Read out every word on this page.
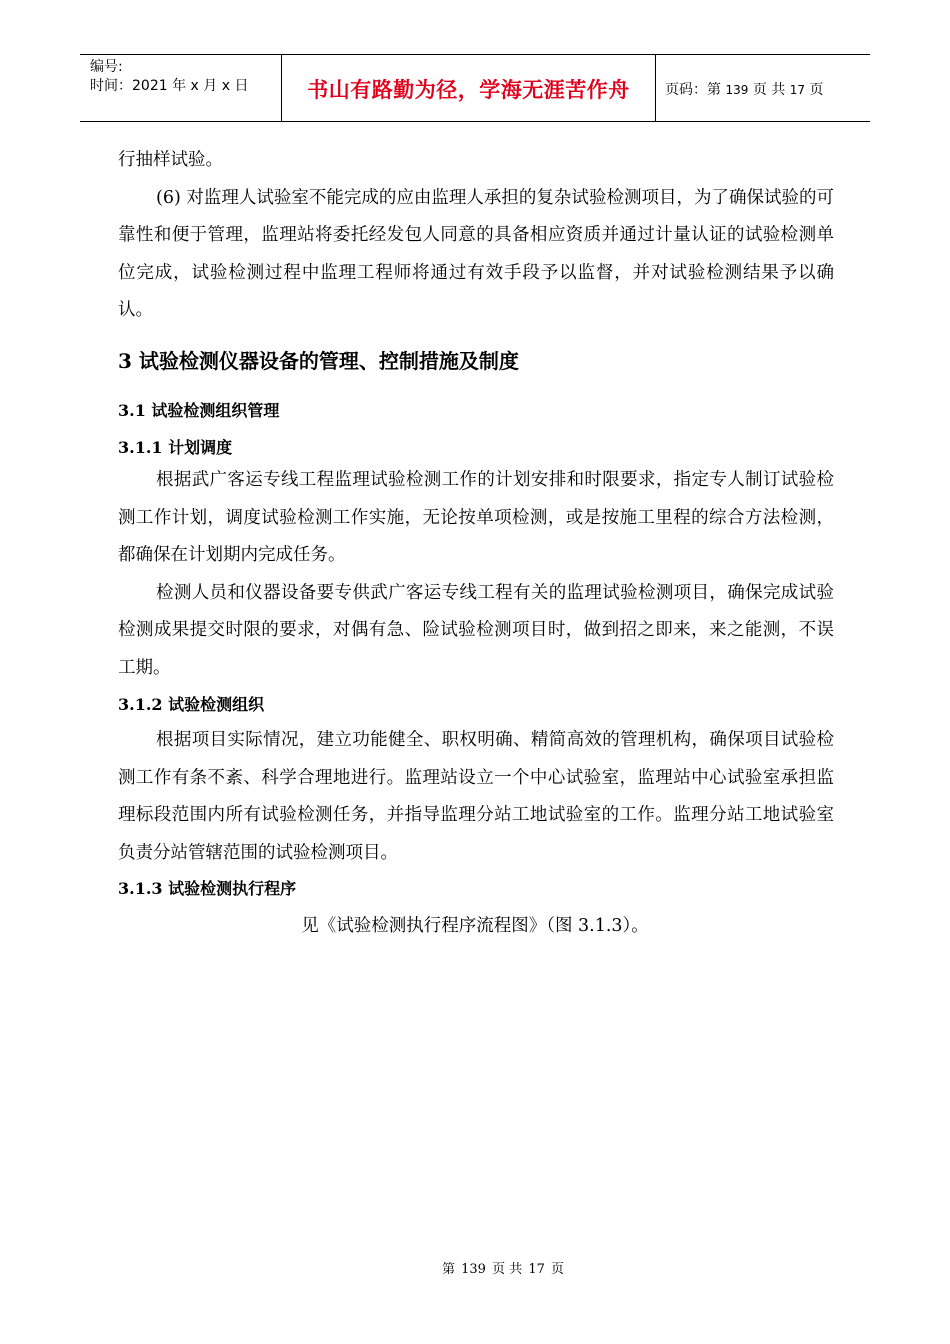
编号:
时间：2021 年 x 月 x 日	书山有路勤为径，学海无涯苦作舟	页码：第 139 页 共 17 页

行抽样试验。

(6) 对监理人试验室不能完成的应由监理人承担的复杂试验检测项目，为了确保试验的可靠性和便于管理，监理站将委托经发包人同意的具备相应资质并通过计量认证的试验检测单位完成，试验检测过程中监理工程师将通过有效手段予以监督，并对试验检测结果予以确认。

3 试验检测仪器设备的管理、控制措施及制度
3.1 试验检测组织管理
3.1.1 计划调度

根据武广客运专线工程监理试验检测工作的计划安排和时限要求，指定专人制订试验检测工作计划，调度试验检测工作实施，无论按单项检测，或是按施工里程的综合方法检测，都确保在计划期内完成任务。

检测人员和仪器设备要专供武广客运专线工程有关的监理试验检测项目，确保完成试验检测成果提交时限的要求，对偶有急、险试验检测项目时，做到招之即来，来之能测，不误工期。

3.1.2 试验检测组织

根据项目实际情况，建立功能健全、职权明确、精简高效的管理机构，确保项目试验检测工作有条不紊、科学合理地进行。监理站设立一个中心试验室，监理站中心试验室承担监理标段范围内所有试验检测任务，并指导监理分站工地试验室的工作。监理分站工地试验室负责分站管辖范围的试验检测项目。

3.1.3 试验检测执行程序
见《试验检测执行程序流程图》（图 3.1.3）。
第 139 页 共 17 页
